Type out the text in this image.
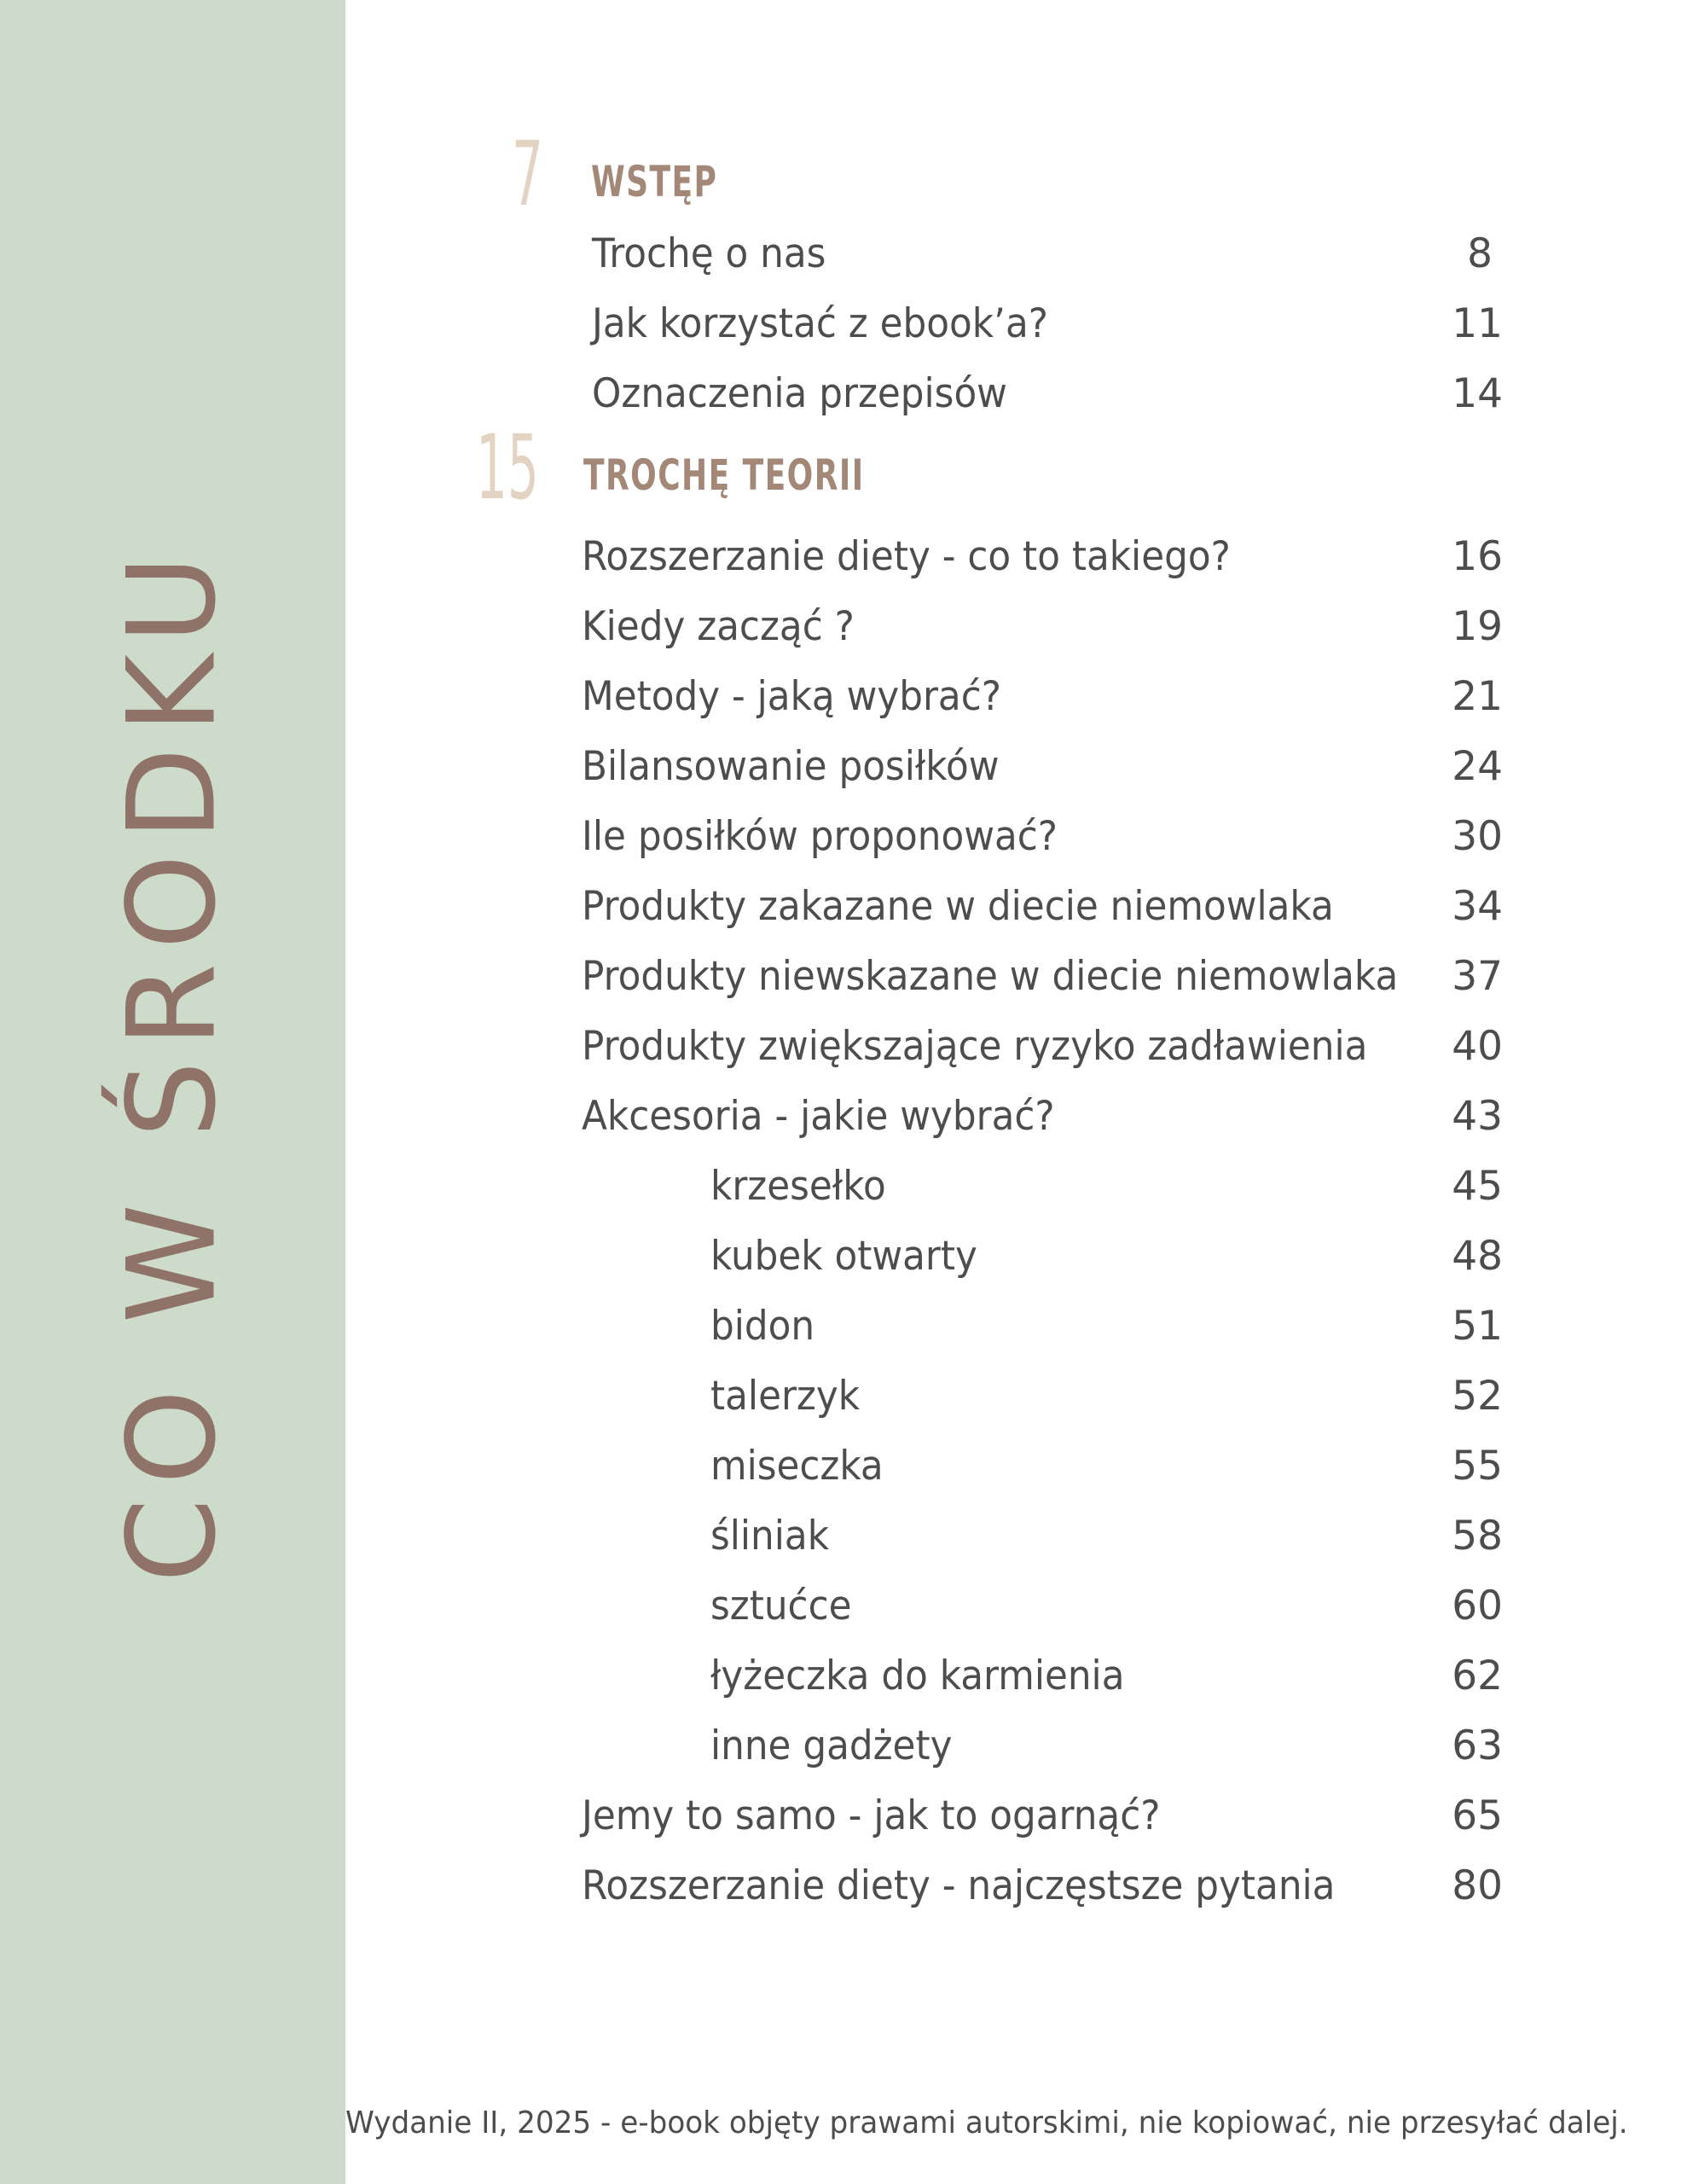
CO W ŚRODKU
7 WSTĘP
Trochę o nas	8
Jak korzystać z ebook’a?	11
Oznaczenia przepisów	14
15 TROCHĘ TEORII
Rozszerzanie diety - co to takiego?	16
Kiedy zacząć ?	19
Metody - jaką wybrać?	21
Bilansowanie posiłków	24
Ile posiłków proponować?	30
Produkty zakazane w diecie niemowlaka	34
Produkty niewskazane w diecie niemowlaka 37
Produkty zwiększające ryzyko zadławienia 40
Akcesoria - jakie wybrać?	43
krzesełko	45
kubek otwarty	48
bidon	51
talerzyk	52
miseczka	55
śliniak	58
sztućce	60
łyżeczka do karmienia	62
inne gadżety	63
Jemy to samo - jak to ogarnąć?	65
Rozszerzanie diety - najczęstsze pytania	80
Wydanie II, 2025 - e-book objęty prawami autorskimi, nie kopiować, nie przesyłać dalej.
